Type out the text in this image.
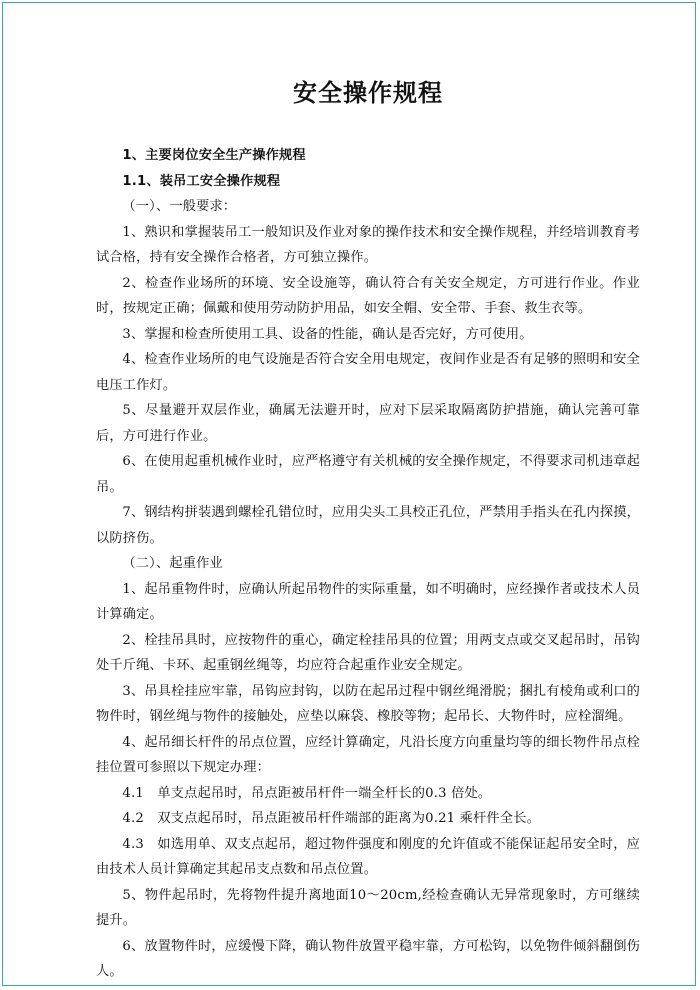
安全操作规程

1、主要岗位安全生产操作规程

1.1、装吊工安全操作规程

（一）、一般要求：

1、熟识和掌握装吊工一般知识及作业对象的操作技术和安全操作规程，并经培训教育考试合格，持有安全操作合格者，方可独立操作。

2、检查作业场所的环境、安全设施等，确认符合有关安全规定，方可进行作业。作业时，按规定正确；佩戴和使用劳动防护用品，如安全帽、安全带、手套、救生衣等。

3、掌握和检查所使用工具、设备的性能，确认是否完好，方可使用。

4、检查作业场所的电气设施是否符合安全用电规定，夜间作业是否有足够的照明和安全电压工作灯。

5、尽量避开双层作业，确属无法避开时，应对下层采取隔离防护措施，确认完善可靠后，方可进行作业。

6、在使用起重机械作业时，应严格遵守有关机械的安全操作规定，不得要求司机违章起吊。

7、钢结构拼装遇到螺栓孔错位时，应用尖头工具校正孔位，严禁用手指头在孔内探摸，以防挤伤。

（二）、起重作业

1、起吊重物件时，应确认所起吊物件的实际重量，如不明确时，应经操作者或技术人员计算确定。

2、栓挂吊具时，应按物件的重心，确定栓挂吊具的位置；用两支点或交叉起吊时，吊钩处千斤绳、卡环、起重钢丝绳等，均应符合起重作业安全规定。

3、吊具栓挂应牢靠，吊钩应封钩，以防在起吊过程中钢丝绳滑脱；捆扎有棱角或利口的物件时，钢丝绳与物件的接触处，应垫以麻袋、橡胶等物；起吊长、大物件时，应栓溜绳。

4、起吊细长杆件的吊点位置，应经计算确定，凡沿长度方向重量均等的细长物件吊点栓挂位置可参照以下规定办理：

4.1　单支点起吊时，吊点距被吊杆件一端全杆长的0.3 倍处。

4.2　双支点起吊时，吊点距被吊杆件端部的距离为0.21 乘杆件全长。

4.3　如选用单、双支点起吊，超过物件强度和刚度的允许值或不能保证起吊安全时，应由技术人员计算确定其起吊支点数和吊点位置。

5、物件起吊时，先将物件提升离地面10～20cm,经检查确认无异常现象时，方可继续提升。

6、放置物件时，应缓慢下降，确认物件放置平稳牢靠，方可松钩，以免物件倾斜翻倒伤人。
